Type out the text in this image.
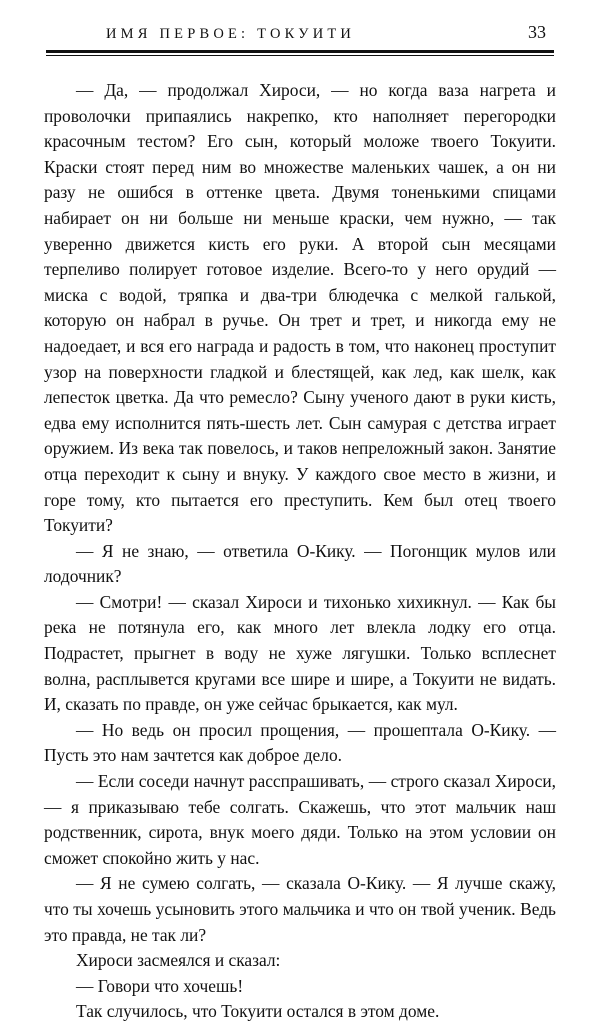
ИМЯ ПЕРВОЕ: ТОКУИТИ	33

— Да, — продолжал Хироси, — но когда ваза нагрета и проволочки припаялись накрепко, кто наполняет перегородки красочным тестом? Его сын, который моложе твоего Токуити. Краски стоят перед ним во множестве маленьких чашек, а он ни разу не ошибся в оттенке цвета. Двумя тоненькими спицами набирает он ни больше ни меньше краски, чем нужно, — так уверенно движется кисть его руки. А второй сын месяцами терпеливо полирует готовое изделие. Всего-то у него орудий — миска с водой, тряпка и два-три блюдечка с мелкой галькой, которую он набрал в ручье. Он трет и трет, и никогда ему не надоедает, и вся его награда и радость в том, что наконец проступит узор на поверхности гладкой и блестящей, как лед, как шелк, как лепесток цветка. Да что ремесло? Сыну ученого дают в руки кисть, едва ему исполнится пять-шесть лет. Сын самурая с детства играет оружием. Из века так повелось, и таков непреложный закон. Занятие отца переходит к сыну и внуку. У каждого свое место в жизни, и горе тому, кто пытается его преступить. Кем был отец твоего Токуити?

— Я не знаю, — ответила О-Кику. — Погонщик мулов или лодочник?

— Смотри! — сказал Хироси и тихонько хихикнул. — Как бы река не потянула его, как много лет влекла лодку его отца. Подрастет, прыгнет в воду не хуже лягушки. Только всплеснет волна, расплывется кругами все шире и шире, а Токуити не видать. И, сказать по правде, он уже сейчас брыкается, как мул.

— Но ведь он просил прощения, — прошептала О-Кику. — Пусть это нам зачтется как доброе дело.

— Если соседи начнут расспрашивать, — строго сказал Хироси, — я приказываю тебе солгать. Скажешь, что этот мальчик наш родственник, сирота, внук моего дяди. Только на этом условии он сможет спокойно жить у нас.

— Я не сумею солгать, — сказала О-Кику. — Я лучше скажу, что ты хочешь усыновить этого мальчика и что он твой ученик. Ведь это правда, не так ли?

Хироси засмеялся и сказал:

— Говори что хочешь!

Так случилось, что Токуити остался в этом доме.
